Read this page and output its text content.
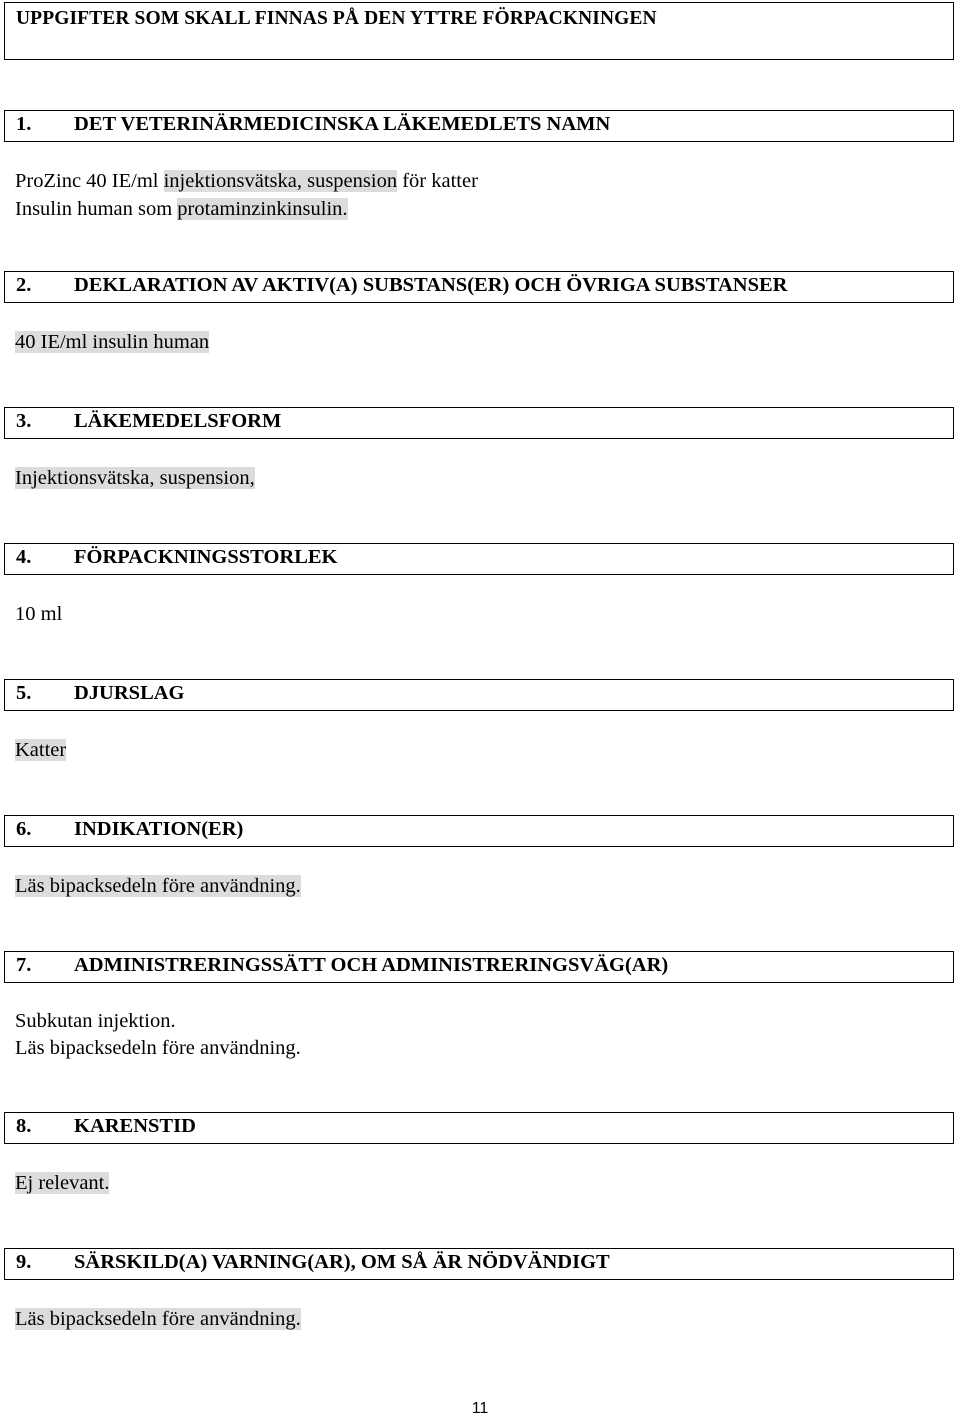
UPPGIFTER SOM SKALL FINNAS PÅ DEN YTTRE FÖRPACKNINGEN
1. DET VETERINÄRMEDICINSKA LÄKEMEDLETS NAMN
ProZinc 40 IE/ml injektionsvätska, suspension för katter
Insulin human som protaminzinkinsulin.
2. DEKLARATION AV AKTIV(A) SUBSTANS(ER) OCH ÖVRIGA SUBSTANSER
40 IE/ml insulin human
3. LÄKEMEDELSFORM
Injektionsvätska, suspension,
4. FÖRPACKNINGSSTORLEK
10 ml
5. DJURSLAG
Katter
6. INDIKATION(ER)
Läs bipacksedeln före användning.
7. ADMINISTRERINGSSÄTT OCH ADMINISTRERINGSVÄG(AR)
Subkutan injektion.
Läs bipacksedeln före användning.
8. KARENSTID
Ej relevant.
9. SÄRSKILD(A) VARNING(AR), OM SÅ ÄR NÖDVÄNDIGT
Läs bipacksedeln före användning.
11
